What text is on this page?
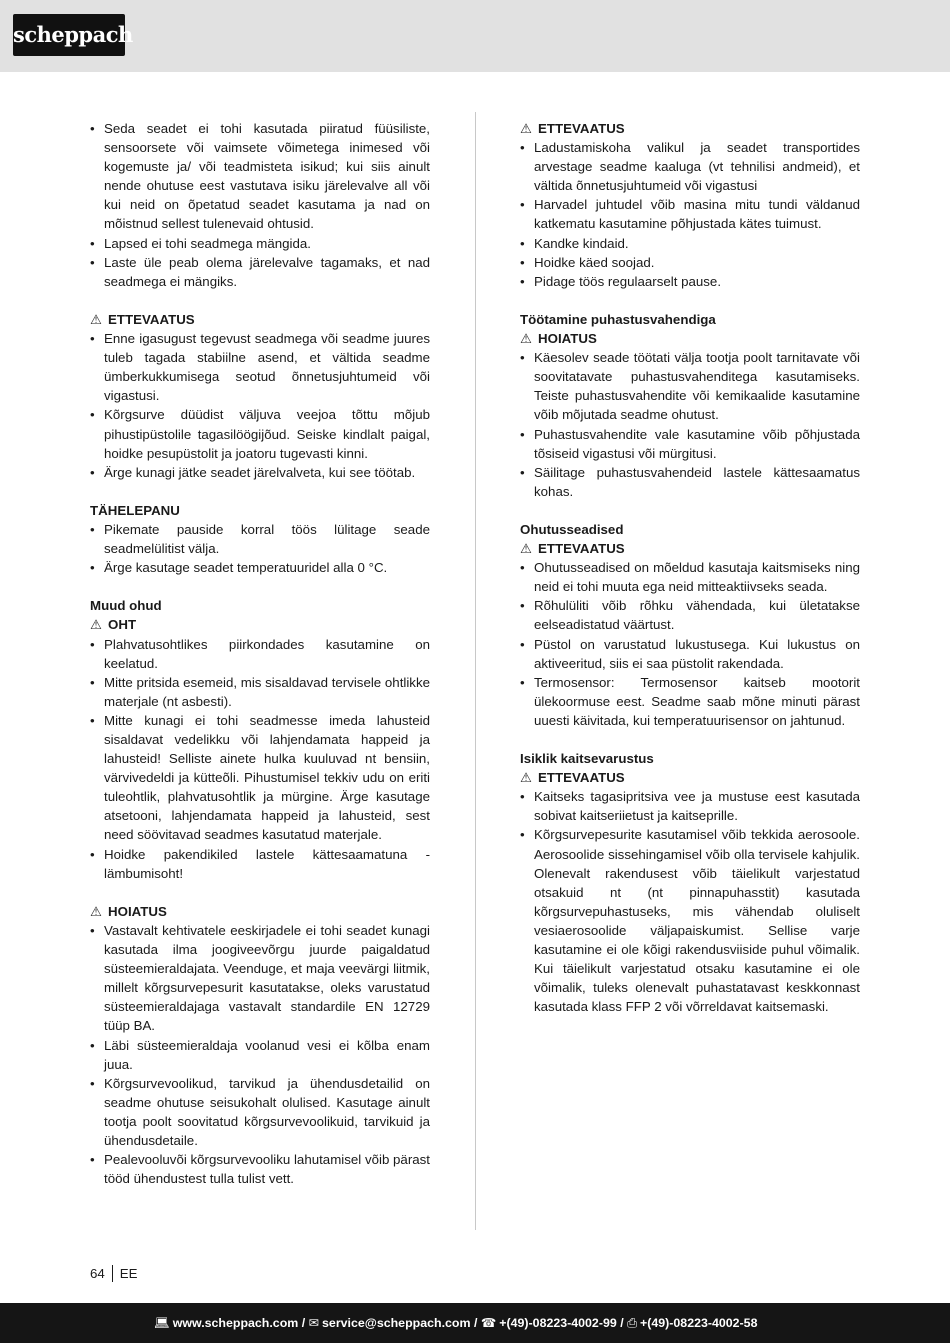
scheppach
• Seda seadet ei tohi kasutada piiratud füüsiliste, sensoorsete või vaimsete võimetega inimesed või kogemuste ja/ või teadmisteta isikud; kui siis ainult nende ohutuse eest vastutava isiku järelevalve all või kui neid on õpetatud seadet kasutama ja nad on mõistnud sellest tulenevaid ohtusid.
• Lapsed ei tohi seadmega mängida.
• Laste üle peab olema järelevalve tagamaks, et nad seadmega ei mängiks.

⚠ ETTEVAATUS

• Enne igasugust tegevust seadmega või seadme juures tuleb tagada stabiilne asend, et vältida seadme ümberkukkumisega seotud õnnetusjuhtumeid või vigastusi.
• Kõrgsurve düüdist väljuva veejoa tõttu mõjub pihustipüstolile tagasilöögijõud. Seiske kindlalt paigal, hoidke pesupüstolit ja joatoru tugevasti kinni.
• Ärge kunagi jätke seadet järelvalveta, kui see töötab.

TÄHELEPANU

• Pikemate pauside korral töös lülitage seade seadmelülitist välja.
• Ärge kasutage seadet temperatuuridel alla 0 °C.

Muud ohud

⚠ OHT

• Plahvatusohtlikes piirkondades kasutamine on keelatud.
• Mitte pritsida esemeid, mis sisaldavad tervisele ohtlikke materjale (nt asbesti).
• Mitte kunagi ei tohi seadmesse imeda lahusteid sisaldavat vedelikku või lahjendamata happeid ja lahusteid! Selliste ainete hulka kuuluvad nt bensiin, värvivedeldi ja kütteõli. Pihustumisel tekkiv udu on eriti tuleohtlik, plahvatusohtlik ja mürgine. Ärge kasutage atsetooni, lahjendamata happeid ja lahusteid, sest need söövitavad seadmes kasutatud materjale.
• Hoidke pakendikiled lastele kättesaamatuna - lämbumisoht!

⚠ HOIATUS

• Vastavalt kehtivatele eeskirjadele ei tohi seadet kunagi kasutada ilma joogiveevõrgu juurde paigaldatud süsteemieraldajata. Veenduge, et maja veevärgi liitmik, millelt kõrgsurvepesurit kasutatakse, oleks varustatud süsteemieraldajaga vastavalt standardile EN 12729 tüüp BA.
• Läbi süsteemieraldaja voolanud vesi ei kõlba enam juua.
• Kõrgsurvevoolikud, tarvikud ja ühendusdetailid on seadme ohutuse seisukohalt olulised. Kasutage ainult tootja poolt soovitatud kõrgsurvevoolikuid, tarvikuid ja ühendusdetaile.
• Pealevooluvõi kõrgsurvevooliku lahutamisel võib pärast tööd ühendustest tulla tulist vett.

⚠ ETTEVAATUS

• Ladustamiskoha valikul ja seadet transportides arvestage seadme kaaluga (vt tehnilisi andmeid), et vältida õnnetusjuhtumeid või vigastusi
• Harvadel juhtudel võib masina mitu tundi väldanud katkematu kasutamine põhjustada kätes tuimust.
• Kandke kindaid.
• Hoidke käed soojad.
• Pidage töös regulaarselt pause.

Töötamine puhastusvahendiga

⚠ HOIATUS

• Käesolev seade töötati välja tootja poolt tarnitavate või soovitatavate puhastusvahenditega kasutamiseks. Teiste puhastusvahendite või kemikaalide kasutamine võib mõjutada seadme ohutust.
• Puhastusvahendite vale kasutamine võib põhjustada tõsiseid vigastusi või mürgitusi.
• Säilitage puhastusvahendeid lastele kättesaamatus kohas.

Ohutusseadised

⚠ ETTEVAATUS

• Ohutusseadised on mõeldud kasutaja kaitsmiseks ning neid ei tohi muuta ega neid mitteaktiivseks seada.
• Rõhulüliti võib rõhku vähendada, kui ületatakse eelseadistatud väärtust.
• Püstol on varustatud lukustusega. Kui lukustus on aktiveeritud, siis ei saa püstolit rakendada.
• Termosensor: Termosensor kaitseb mootorit ülekoormuse eest. Seadme saab mõne minuti pärast uuesti käivitada, kui temperatuurisensor on jahtunud.

Isiklik kaitsevarustus

⚠ ETTEVAATUS

• Kaitseks tagasipritsiva vee ja mustuse eest kasutada sobivat kaitseriietust ja kaitseprille.
• Kõrgsurvepesurite kasutamisel võib tekkida aerosoole. Aerosoolide sissehingamisel võib olla tervisele kahjulik. Olenevalt rakendusest võib täielikult varjestatud otsakuid nt (nt pinnapuhasstit) kasutada kõrgsurvepuhastuseks, mis vähendab oluliselt vesiaerosoolide väljapaiskumist. Sellise varje kasutamine ei ole kõigi rakendusviiside puhul võimalik. Kui täielikult varjestatud otsaku kasutamine ei ole võimalik, tuleks olenevalt puhastatavast keskkonnast kasutada klass FFP 2 või võrreldavat kaitsemaski.
64 EE
💻︎ www.scheppach.com / ✉ service@scheppach.com / ☎ +(49)-08223-4002-99 / ⎙ +(49)-08223-4002-58
